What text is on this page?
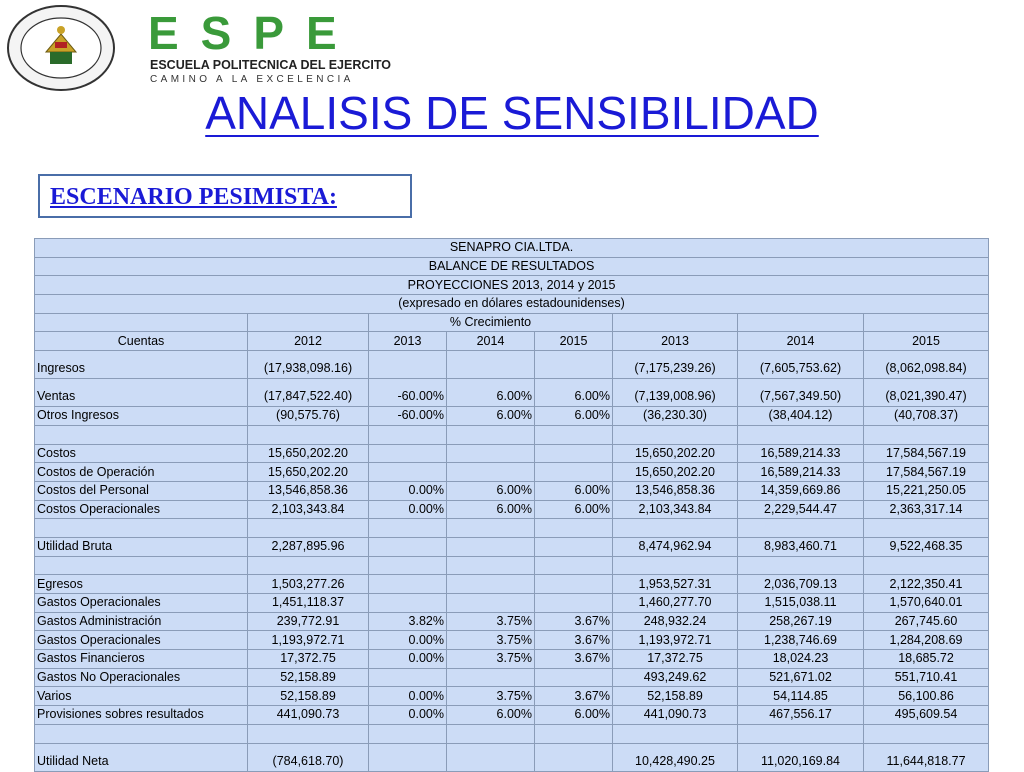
ESPE
ESCUELA POLITECNICA DEL EJERCITO
CAMINO A LA EXCELENCIA
ANALISIS DE SENSIBILIDAD
ESCENARIO PESIMISTA:
SENAPRO CIA.LTDA.							
BALANCE DE RESULTADOS							
PROYECCIONES 2013, 2014 y 2015							
(expresado en dólares estadounidenses)							
		% Crecimiento					
Cuentas	2012	2013	2014	2015	2013	2014	2015
Ingresos	(17,938,098.16)				(7,175,239.26)	(7,605,753.62)	(8,062,098.84)
Ventas	(17,847,522.40)	-60.00%	6.00%	6.00%	(7,139,008.96)	(7,567,349.50)	(8,021,390.47)
Otros Ingresos	(90,575.76)	-60.00%	6.00%	6.00%	(36,230.30)	(38,404.12)	(40,708.37)

Costos	15,650,202.20				15,650,202.20	16,589,214.33	17,584,567.19
Costos de Operación	15,650,202.20				15,650,202.20	16,589,214.33	17,584,567.19
Costos del Personal	13,546,858.36	0.00%	6.00%	6.00%	13,546,858.36	14,359,669.86	15,221,250.05
Costos Operacionales	2,103,343.84	0.00%	6.00%	6.00%	2,103,343.84	2,229,544.47	2,363,317.14

Utilidad Bruta	2,287,895.96				8,474,962.94	8,983,460.71	9,522,468.35

Egresos	1,503,277.26				1,953,527.31	2,036,709.13	2,122,350.41
Gastos Operacionales	1,451,118.37				1,460,277.70	1,515,038.11	1,570,640.01
Gastos Administración	239,772.91	3.82%	3.75%	3.67%	248,932.24	258,267.19	267,745.60
Gastos Operacionales	1,193,972.71	0.00%	3.75%	3.67%	1,193,972.71	1,238,746.69	1,284,208.69
Gastos Financieros	17,372.75	0.00%	3.75%	3.67%	17,372.75	18,024.23	18,685.72
Gastos No Operacionales	52,158.89				493,249.62	521,671.02	551,710.41
Varios	52,158.89	0.00%	3.75%	3.67%	52,158.89	54,114.85	56,100.86
Provisiones sobres resultados	441,090.73	0.00%	6.00%	6.00%	441,090.73	467,556.17	495,609.54

Utilidad Neta	(784,618.70)				10,428,490.25	11,020,169.84	11,644,818.77
